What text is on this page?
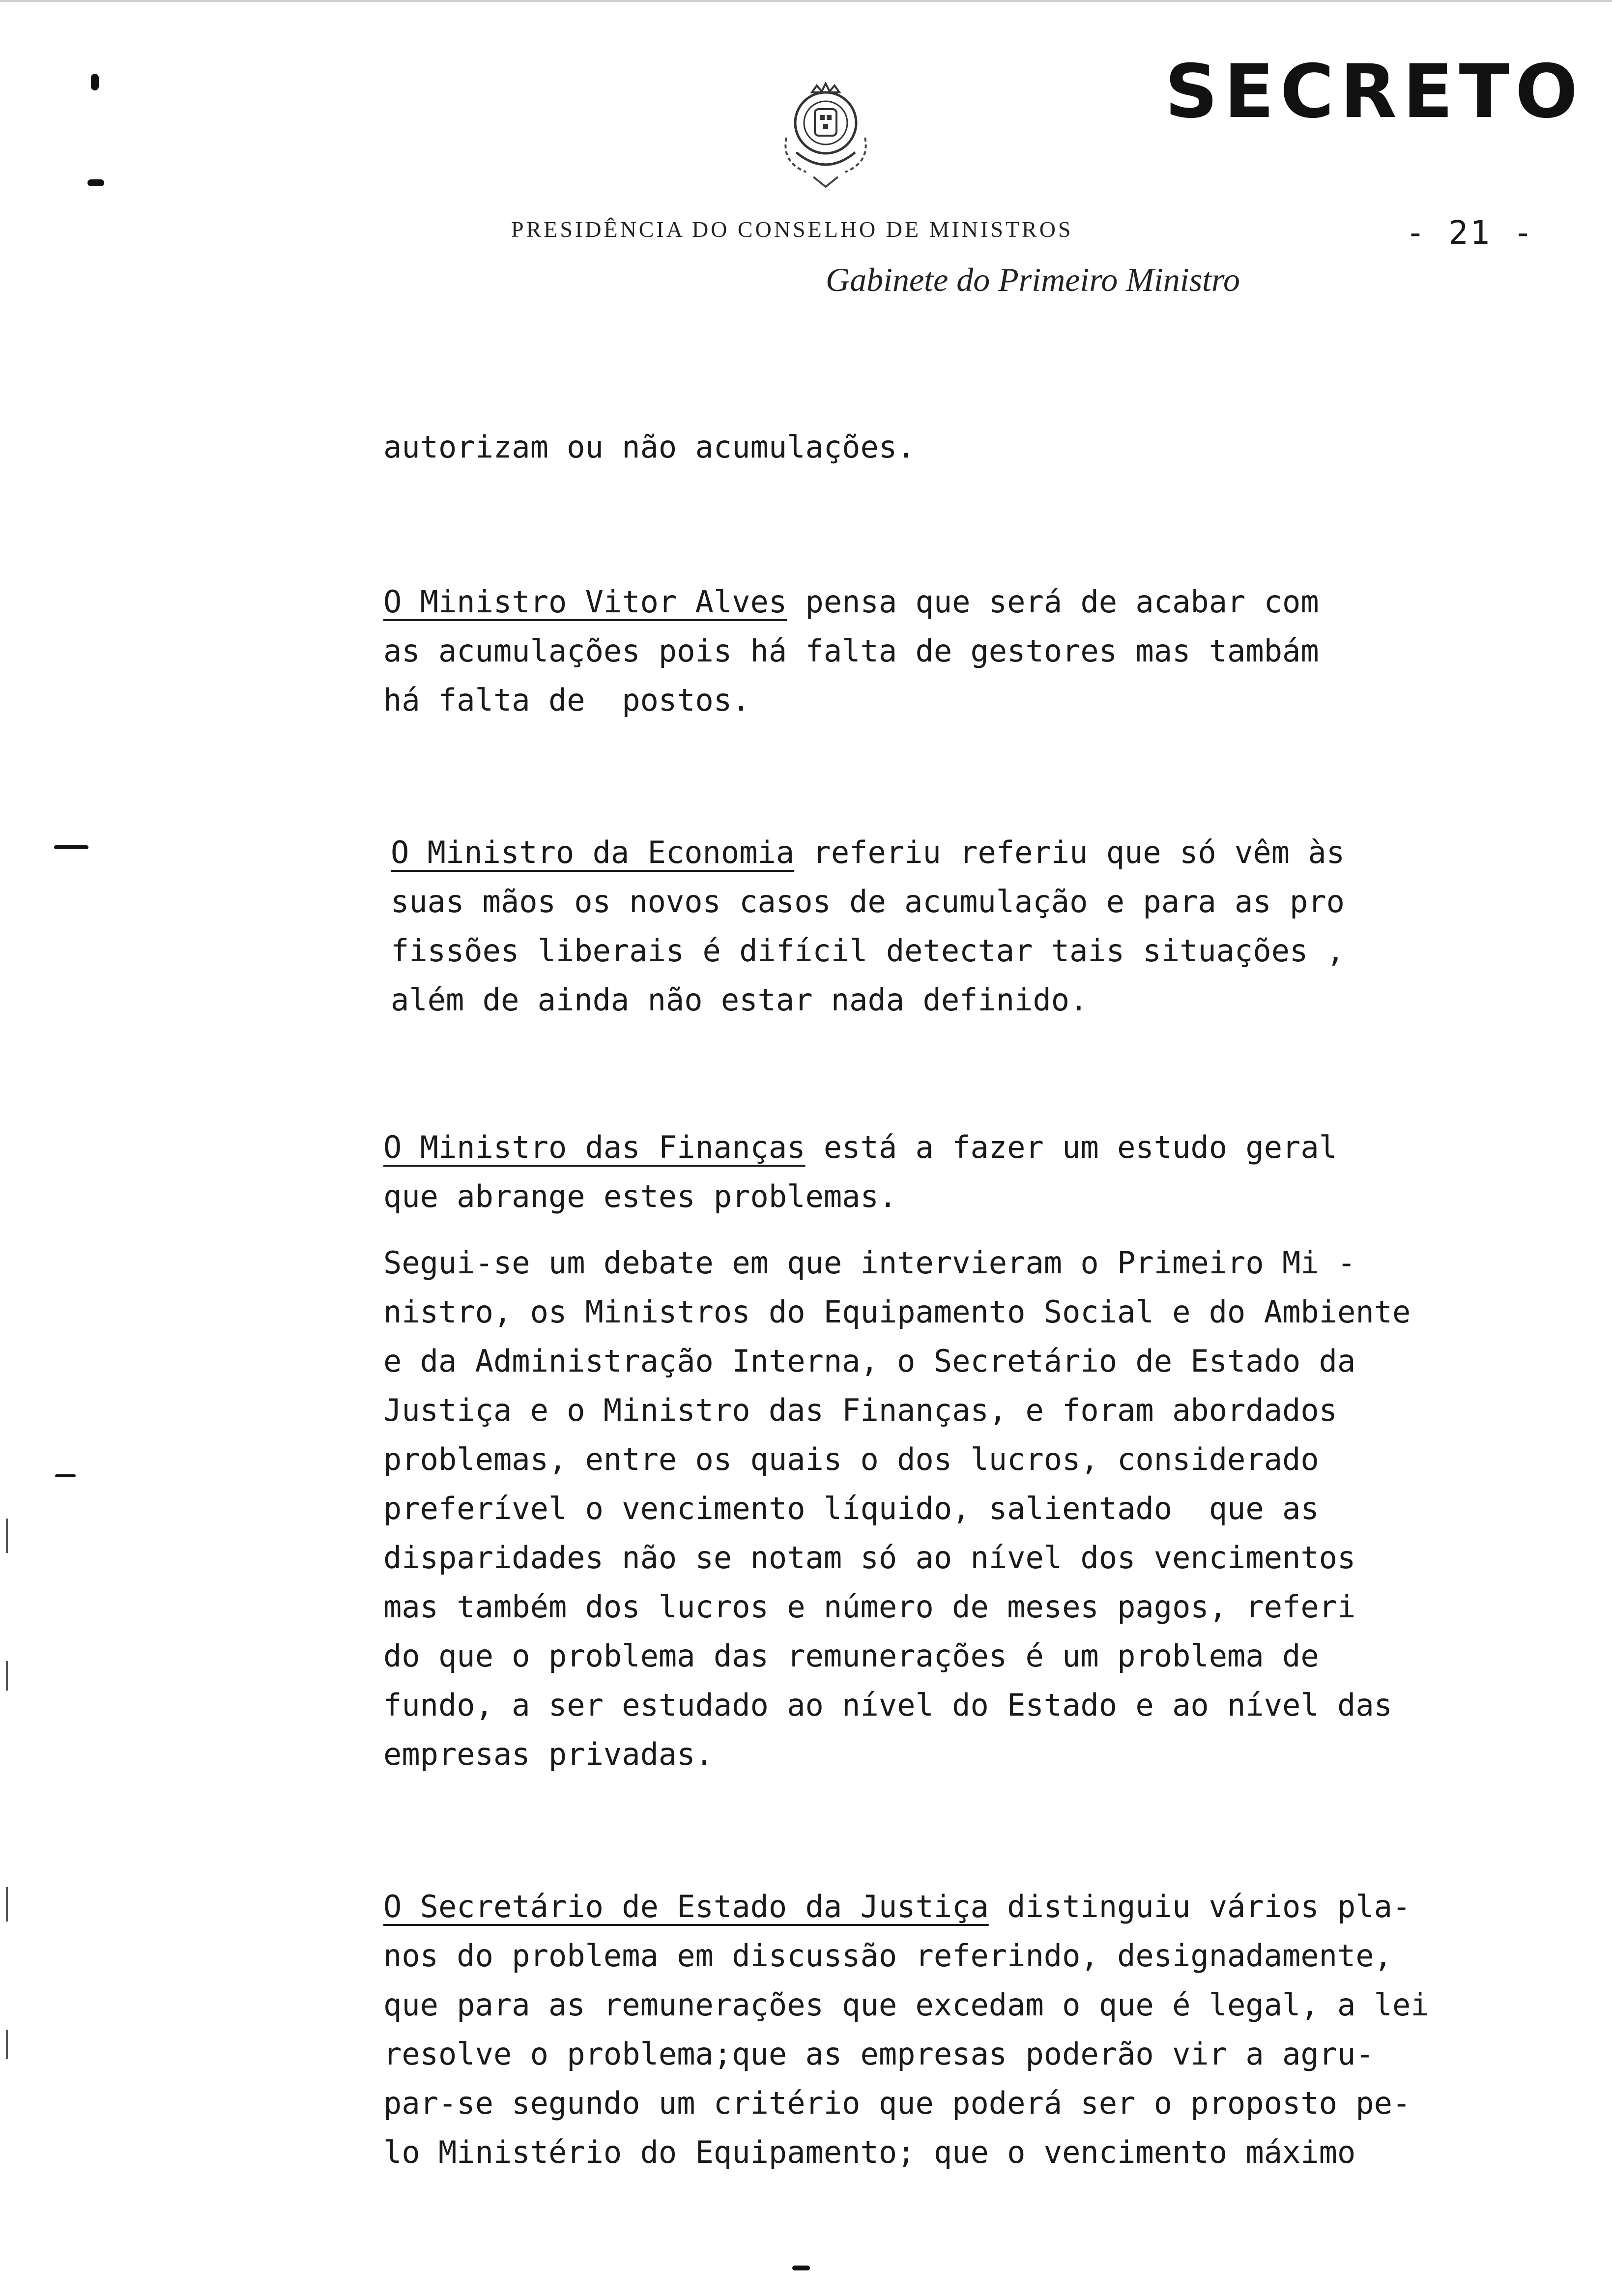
SECRETO
PRESIDÊNCIA DO CONSELHO DE MINISTROS
Gabinete do Primeiro Ministro
- 21 -
autorizam ou não acumulações.
O Ministro Vitor Alves pensa que será de acabar com
as acumulações pois há falta de gestores mas tambám
há falta de  postos.
O Ministro da Economia referiu referiu que só vêm às
suas mãos os novos casos de acumulação e para as pro
fissões liberais é difícil detectar tais situações ,
além de ainda não estar nada definido.
O Ministro das Finanças está a fazer um estudo geral
que abrange estes problemas.
Segui-se um debate em que intervieram o Primeiro Mi -
nistro, os Ministros do Equipamento Social e do Ambiente
e da Administração Interna, o Secretário de Estado da
Justiça e o Ministro das Finanças, e foram abordados
problemas, entre os quais o dos lucros, considerado
preferível o vencimento líquido, salientado  que as
disparidades não se notam só ao nível dos vencimentos
mas também dos lucros e número de meses pagos, referi
do que o problema das remunerações é um problema de
fundo, a ser estudado ao nível do Estado e ao nível das
empresas privadas.
O Secretário de Estado da Justiça distinguiu vários pla-
nos do problema em discussão referindo, designadamente,
que para as remunerações que excedam o que é legal, a lei
resolve o problema;que as empresas poderão vir a agru-
par-se segundo um critério que poderá ser o proposto pe-
lo Ministério do Equipamento; que o vencimento máximo
